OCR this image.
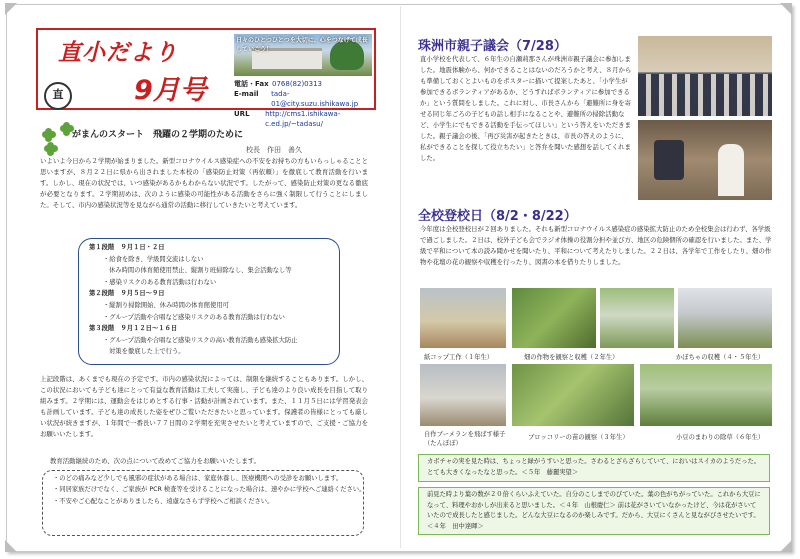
直小だより
9月号
直
日々のひとつひとつを大切に、心をつなげて成長していこう！
電話・Fax 0768(82)0313
E-mail	tada-01@city.suzu.ishikawa.jp
URL	http://cms1.ishikawa-c.ed.jp/~tadasu/
がまんのスタート　飛躍の２学期のために
校長　作田　善久

いよいよ今日から２学期が始まりました。新型コロナウイルス感染症への不安をお持ちの方もいらっしゃることと思いますが、８月２２日に県から出されました本校の「感染防止対策（再依頼）」を徹底して教育活動を行います。しかし、現在の状況では、いつ感染があるかもわからない状況です。したがって、感染防止対策の更なる徹底が必要となります。２学期初めは、次のように感染の可能性がある活動をさらに強く制限して行うことにしました。そして、市内の感染状況等を見ながら通常の活動に移行していきたいと考えています。

第１段階　９月１日・２日
・給食を除き、学級間交流はしない
休み時間の体育館使用禁止、縦割り班掃除なし、集会活動なし等
・感染リスクのある教育活動は行わない
第２段階　９月５日～９日
・縦割り掃除開始、休み時間の体育館使用可
・グループ活動や合唱など感染リスクのある教育活動は行わない
第３段階　９月１２日～１６日
・グループ活動や合唱など感染リスクの高い教育活動も感染拡大防止
対策を徹底した上で行う。

上記段階は、あくまでも現在の予定です。市内の感染状況によっては、制限を継続することもあります。しかし、この状況においても子ども達にとって有益な教育活動は工夫して実施し、子ども達のより良い成長を目指して取り組みます。２学期には、運動会をはじめとする行事・活動が計画されています。また、１１月５日には学習発表会も計画しています。子ども達の成長した姿をぜひご覧いただきたいと思っています。保護者の皆様にとっても厳しい状況が続きますが、１年間で一番長い７７日間の２学期を充実させたいと考えていますので、ご支援・ご協力をお願いいたします。

教育活動継続のため、次の点について改めてご協力をお願いいたします。

・のどの痛みなど少しでも風邪の症状がある場合は、家庭休養し、医療機関への受診をお願いします。
・同居家族だけでなく、ご家族が PCR 検査等を受けることになった場合は、速やかに学校へご連絡ください。
・不安やご心配なことがありましたら、遠慮なさらず学校へご相談ください。
珠洲市親子議会（7/28）

直小学校を代表して、６年生の自瀬莉那さんが珠洲市親子議会に参加しました。地震体験から、何かできることはないのだろうかと考え、８月からも準備しておくとよいものをポスターに描いて提案したあと、「小学生が参加できるボランティアがあるか、どうすればボランティアに参加できるか」という質問をしました。これに対し、市長さんから「避難所に身を寄せる同じ年ごろの子どもの話し相手になることや、避難所の掃除活動など、小学生にでもできる活動を手伝ってほしい」という答えをいただきました。親子議会の後、「再び災害が起きたときは、市長の答えのように、私ができることを探して役立ちたい」と答弁を聞いた感想を話してくれました。

全校登校日（8/2・8/22）

今年度は全校登校日が２回ありました。それも新型コロナウイルス感染症の感染拡大防止のため全校集会は行わず、各学級で過ごしました。２日は、校外子ども会でラジオ体操の役割分担や並び方、地区の危険個所の確認を行いました。また、学級で平和について本の読み聞かせを聞いたり、平和について考えたりしました。２２日は、各学年で工作をしたり、畑の作物や花壇の花の観察や収穫を行ったり、図書の本を借りたりしました。

紙コップ工作（１年生）	畑の作物を観察と収穫（２年生）	かぼちゃの収穫（４・５年生）
自作ブーメランを飛ばす様子（たんぽぽ）
ブロッコリーの苗の観察（３年生）	小豆のまわりの除草（６年生）
カボチャの実を見た時は、ちょっと緑がうすいと思った。さわるとざらざらしていて、においはスイカのようだった。とても大きくなったなと思った。＜５年　藤麗実望＞
前見た時より葉の数が２０倍くらいふえていた。自分のこしまでのびていた。葉の色がちがっていた。これから大豆になって、料理やおかしが出来ると思いました。＜４年　山根慶仁＞ 前は花がさいていなかったけど、今は花がさいていたので成長したと感じました。どんな大豆になるのか楽しみです。だから、大豆にくさんと見ながびさせたいです。＜４年　田中達暉＞
